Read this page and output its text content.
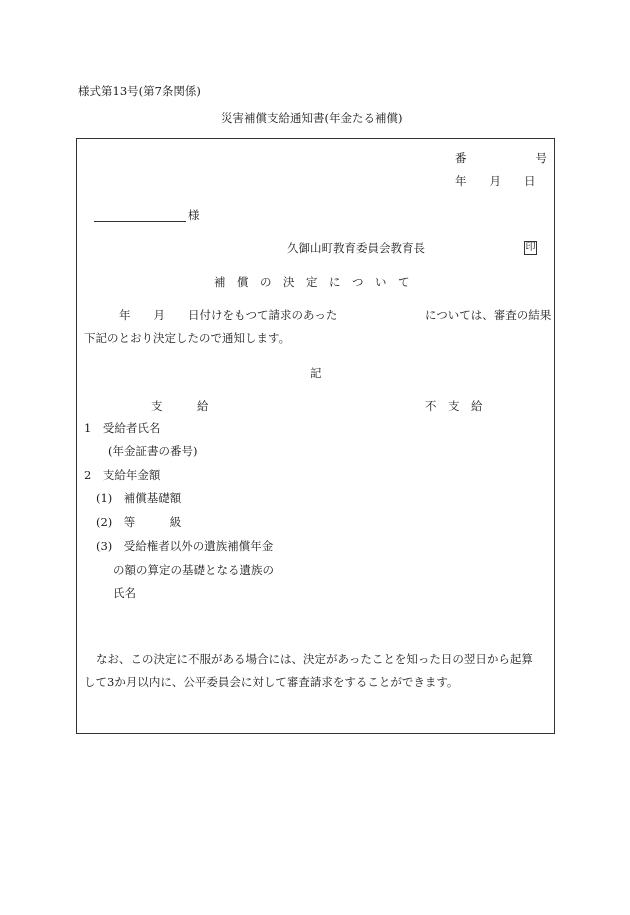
様式第13号(第7条関係)
災害補償支給通知書(年金たる補償)
番　　　　　　号
年　　月　　日
様
久御山町教育委員会教育長	印
補　償　の　決　定　に　つ　い　て
年　　月　　日付けをもつて請求のあった	については、審査の結果
下記のとおり決定したので通知します。
記
支　　　給	不　支　給
1　受給者氏名
(年金証書の番号)
2　支給年金額
(1)　補償基礎額
(2)　等　　　級
(3)　受給権者以外の遺族補償年金
の額の算定の基礎となる遺族の
氏名
なお、この決定に不服がある場合には、決定があったことを知った日の翌日から起算
して3か月以内に、公平委員会に対して審査請求をすることができます。
